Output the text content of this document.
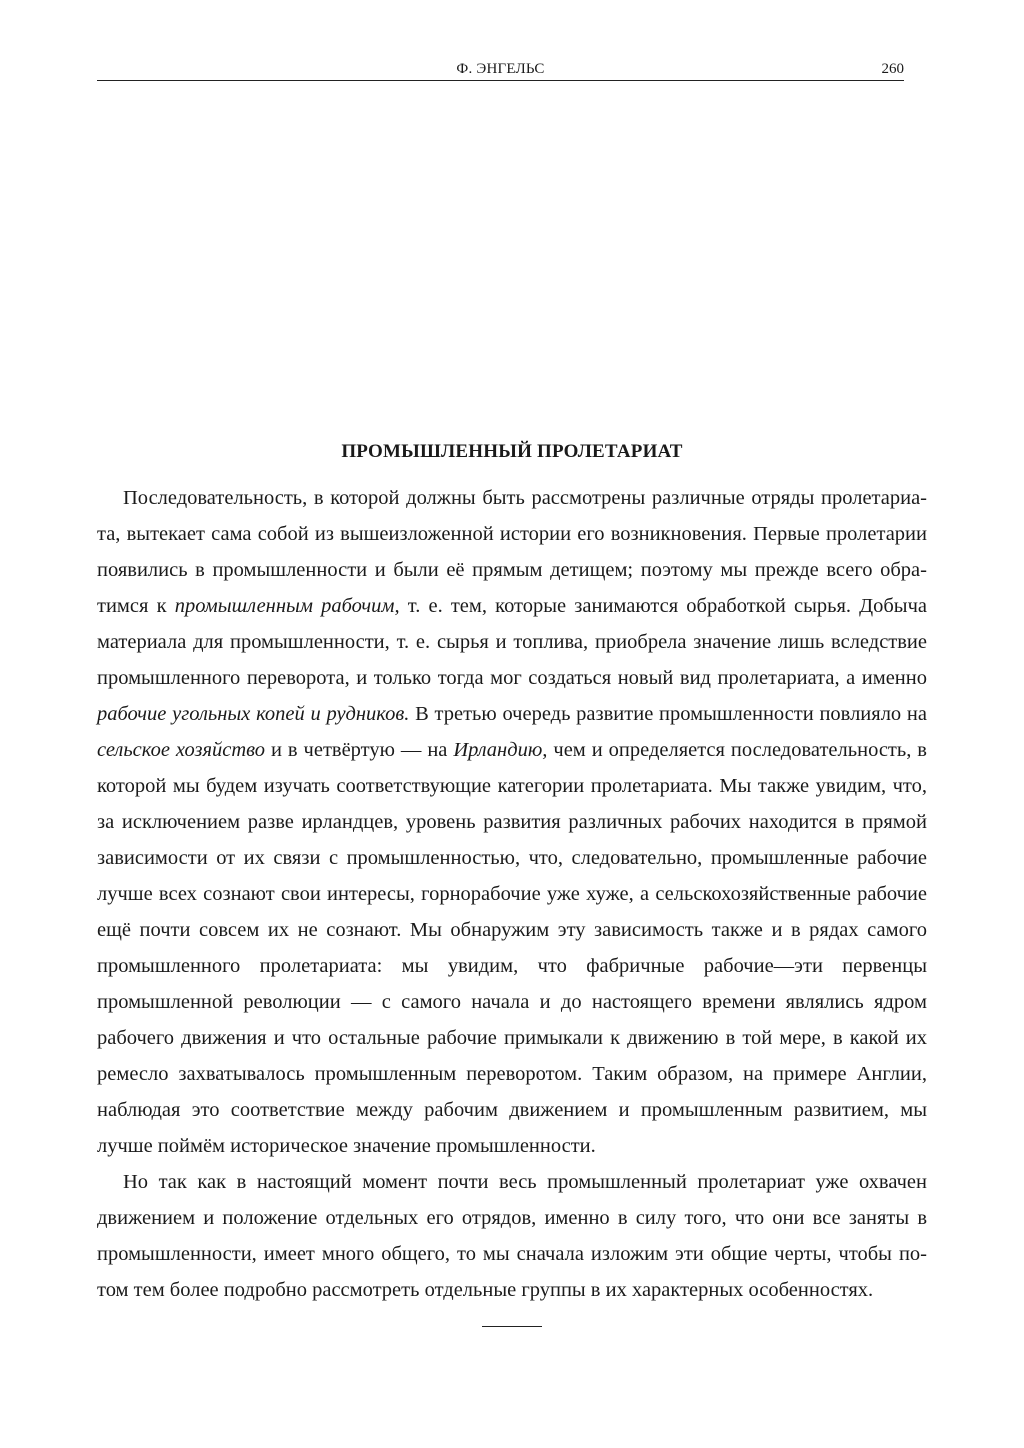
Ф. ЭНГЕЛЬС	260
ПРОМЫШЛЕННЫЙ ПРОЛЕТАРИАТ

Последовательность, в которой должны быть рассмотрены различные отряды пролетариата, вытекает сама собой из вышеизложенной истории его возникновения. Первые пролетарии появились в промышленности и были её прямым детищем; поэтому мы прежде всего обратимся к промышленным рабочим, т. е. тем, которые занимаются обработкой сырья. Добыча материала для промышленности, т. е. сырья и топлива, приобрела значение лишь вследствие промышленного переворота, и только тогда мог создаться новый вид пролетариата, а именно рабочие угольных копей и рудников. В третью очередь развитие промышленности повлияло на сельское хозяйство и в четвёртую — на Ирландию, чем и определяется последовательность, в которой мы будем изучать соответствующие категории пролетариата. Мы также увидим, что, за исключением разве ирландцев, уровень развития различных рабочих находится в прямой зависимости от их связи с промышленностью, что, следовательно, промышленные рабочие лучше всех сознают свои интересы, горнорабочие уже хуже, а сельскохозяйственные рабочие ещё почти совсем их не сознают. Мы обнаружим эту зависимость также и в рядах самого промышленного пролетариата: мы увидим, что фабричные рабочие—эти первенцы промышленной революции — с самого начала и до настоящего времени являлись ядром рабочего движения и что остальные рабочие примыкали к движению в той мере, в какой их ремесло захватывалось промышленным переворотом. Таким образом, на примере Англии, наблюдая это соответствие между рабочим движением и промышленным развитием, мы лучше поймём историческое значение промышленности.

Но так как в настоящий момент почти весь промышленный пролетариат уже охвачен движением и положение отдельных его отрядов, именно в силу того, что они все заняты в промышленности, имеет много общего, то мы сначала изложим эти общие черты, чтобы потом тем более подробно рассмотреть отдельные группы в их характерных особенностях.
